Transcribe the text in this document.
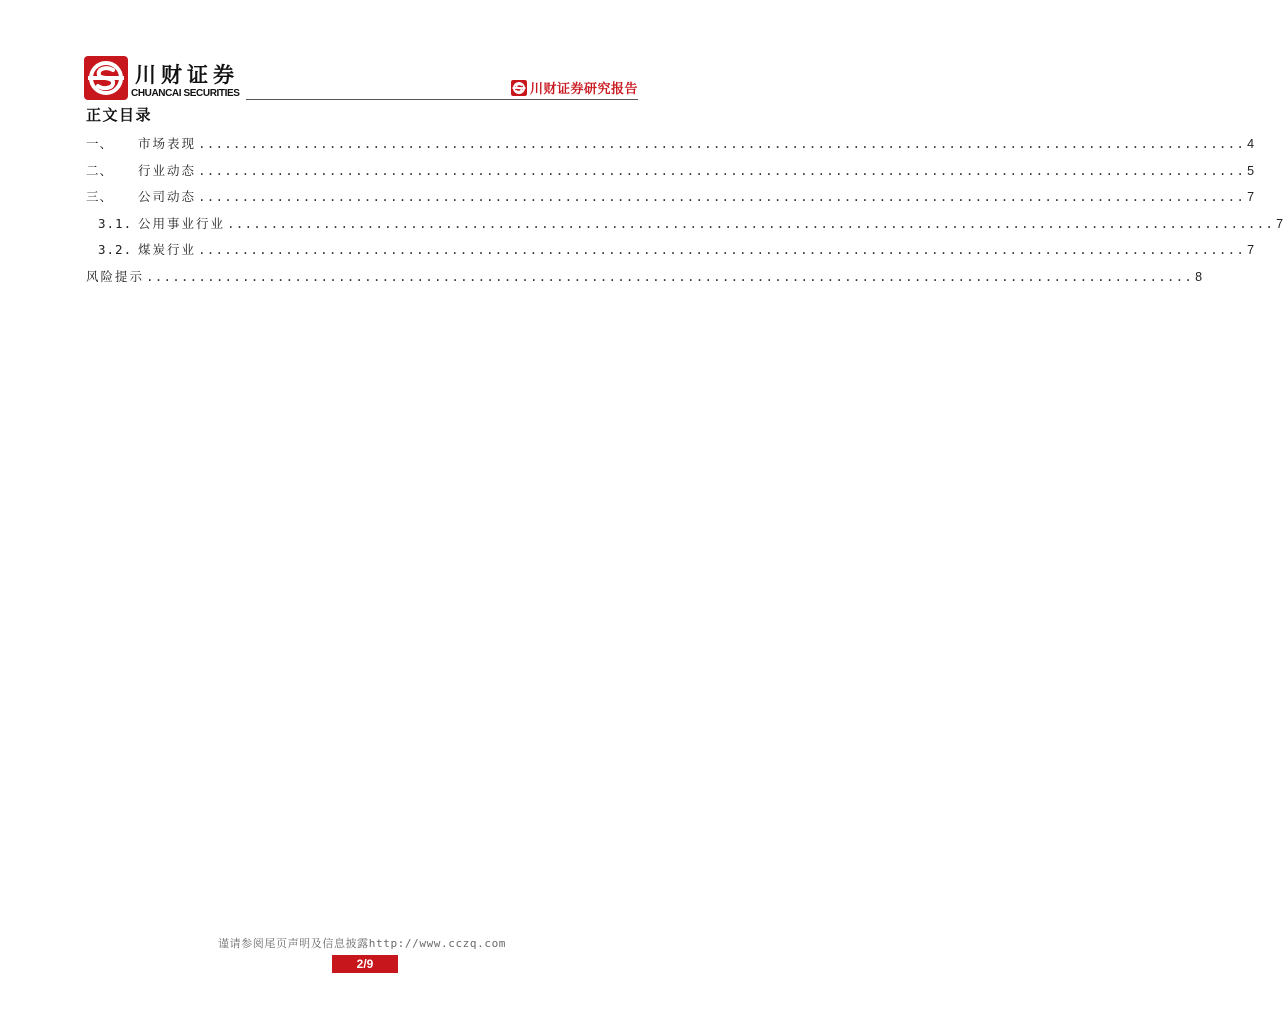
川财证券
CHUANCAI SECURITIES	川财证券研究报告
正文目录
一、	市场表现 ........................................................................................................................ 4
二、	行业动态 ........................................................................................................................ 5
三、	公司动态 ........................................................................................................................ 7
3.1. 公用事业行业 ........................................................................................................................ 7
3.2. 煤炭行业 ........................................................................................................................ 7
风险提示 ........................................................................................................................ 8
谨请参阅尾页声明及信息披露http://www.cczq.com
2/9
